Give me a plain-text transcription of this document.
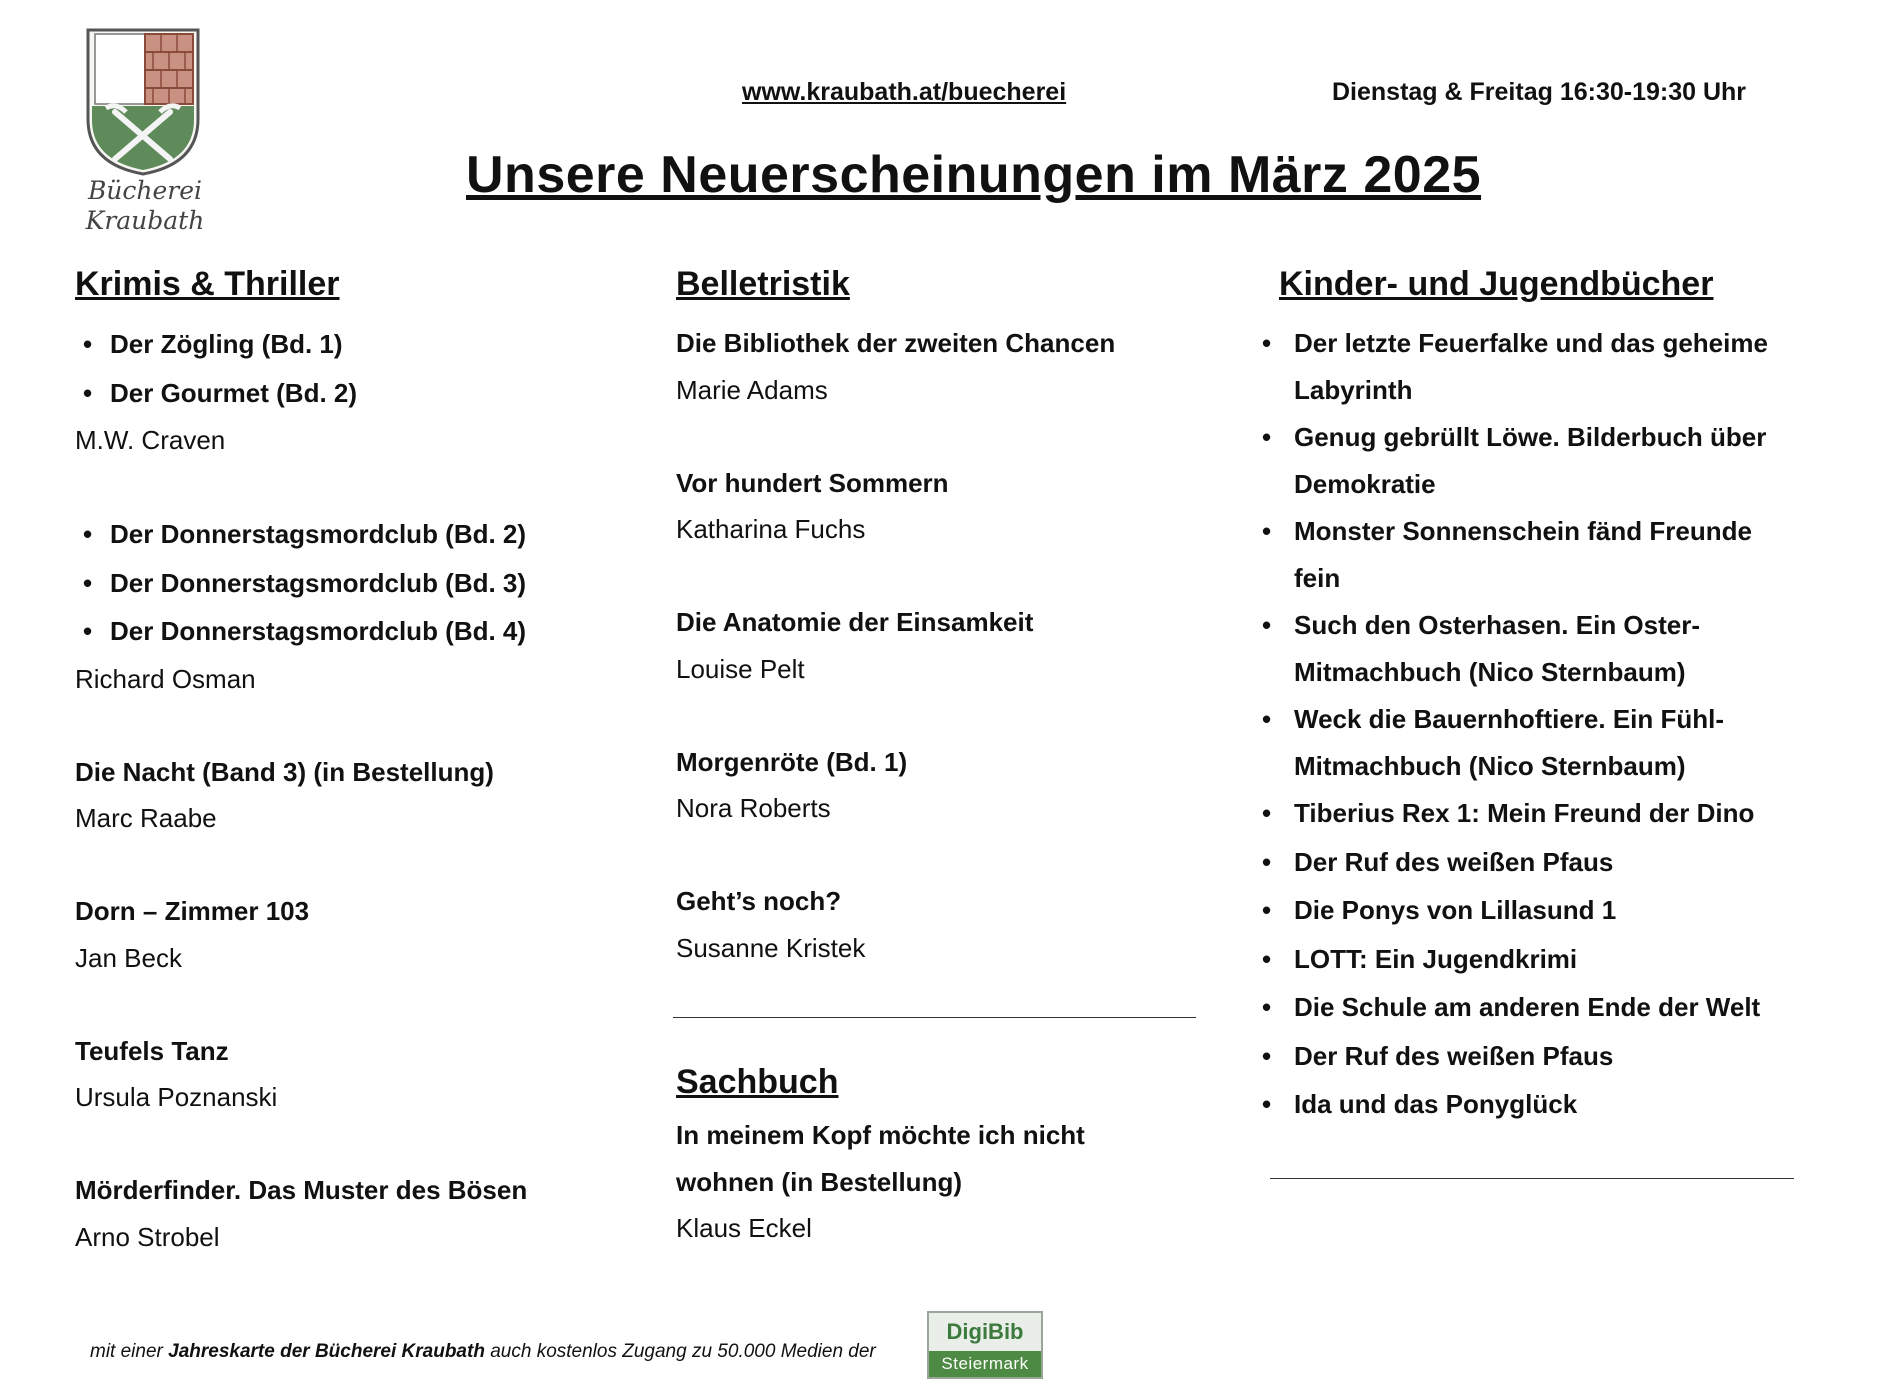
Bücherei
Kraubath
www.kraubath.at/buecherei	Dienstag & Freitag 16:30-19:30 Uhr
Unsere Neuerscheinungen im März 2025
Krimis & Thriller
• Der Zögling (Bd. 1)
• Der Gourmet (Bd. 2)

M.W. Craven

• Der Donnerstagsmordclub (Bd. 2)
• Der Donnerstagsmordclub (Bd. 3)
• Der Donnerstagsmordclub (Bd. 4)

Richard Osman

Die Nacht (Band 3) (in Bestellung)

Marc Raabe

Dorn – Zimmer 103

Jan Beck

Teufels Tanz

Ursula Poznanski

Mörderfinder. Das Muster des Bösen

Arno Strobel

Belletristik

Die Bibliothek der zweiten Chancen

Marie Adams

Vor hundert Sommern

Katharina Fuchs

Die Anatomie der Einsamkeit

Louise Pelt

Morgenröte (Bd. 1)

Nora Roberts

Geht’s noch?

Susanne Kristek

Sachbuch

In meinem Kopf möchte ich nicht

wohnen (in Bestellung)

Klaus Eckel

Kinder- und Jugendbücher
• Der letzte Feuerfalke und das geheime
Labyrinth
• Genug gebrüllt Löwe. Bilderbuch über
Demokratie
• Monster Sonnenschein fänd Freunde
fein
• Such den Osterhasen. Ein Oster-
Mitmachbuch (Nico Sternbaum)
• Weck die Bauernhoftiere. Ein Fühl-
Mitmachbuch (Nico Sternbaum)
• Tiberius Rex 1: Mein Freund der Dino
• Der Ruf des weißen Pfaus
• Die Ponys von Lillasund 1
• LOTT: Ein Jugendkrimi
• Die Schule am anderen Ende der Welt
• Der Ruf des weißen Pfaus
• Ida und das Ponyglück
mit einer Jahreskarte der Bücherei Kraubath auch kostenlos Zugang zu 50.000 Medien der
DigiBib
Steiermark
